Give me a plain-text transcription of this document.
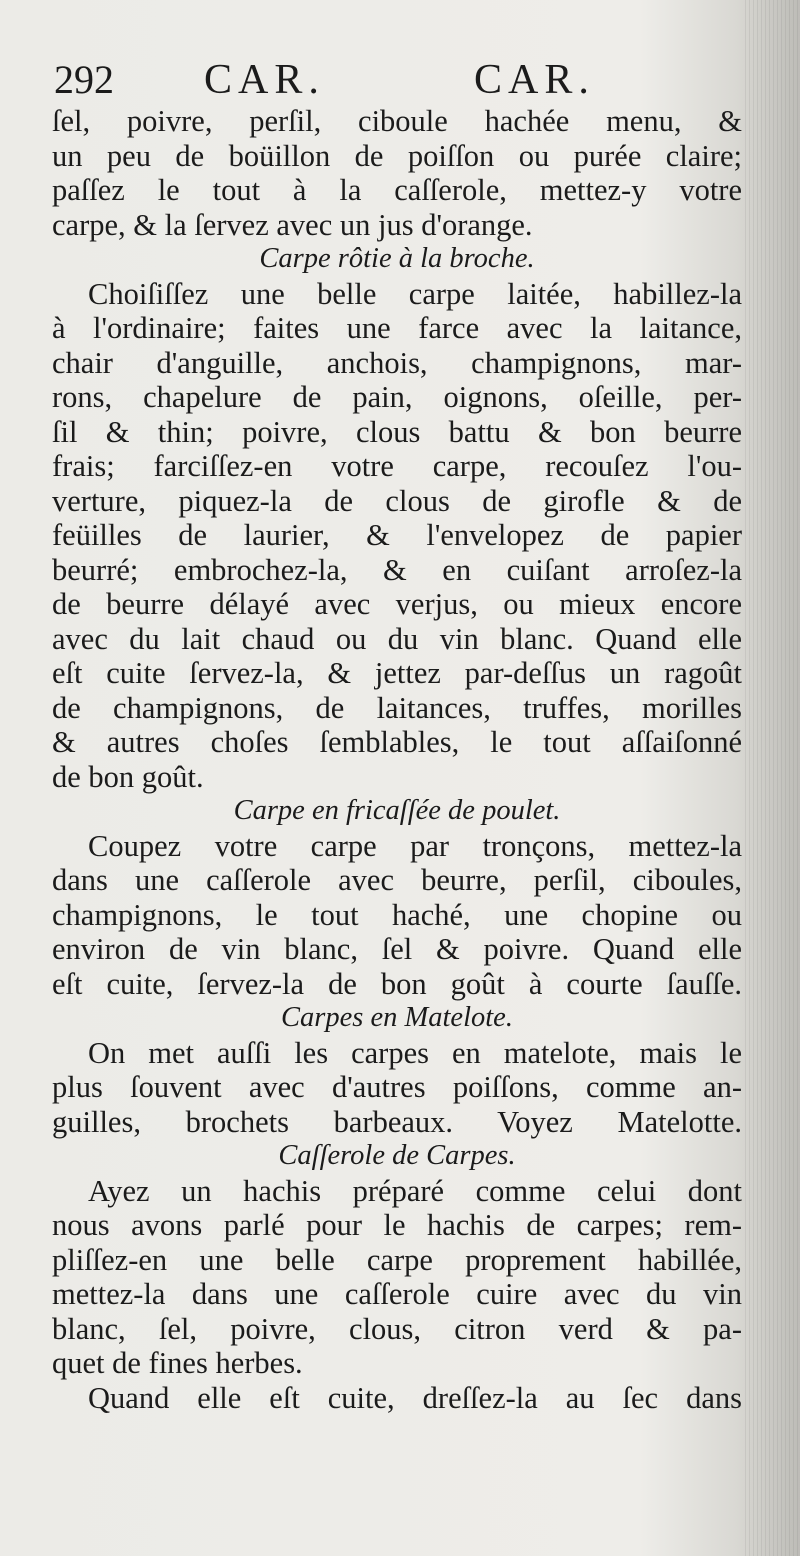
292 CAR.	CAR.
ſel, poivre, perſil, ciboule hachée menu, &
un peu de boüillon de poiſſon ou purée claire;
paſſez le tout à la caſſerole, mettez-y votre
carpe, & la ſervez avec un jus d'orange.
Carpe rôtie à la broche.
Choiſiſſez une belle carpe laitée, habillez-la
à l'ordinaire; faites une farce avec la laitance,
chair d'anguille, anchois, champignons, mar-
rons, chapelure de pain, oignons, oſeille, per-
ſil & thin; poivre, clous battu & bon beurre
frais; farciſſez-en votre carpe, recouſez l'ou-
verture, piquez-la de clous de girofle & de
feüilles de laurier, & l'envelopez de papier
beurré; embrochez-la, & en cuiſant arroſez-la
de beurre délayé avec verjus, ou mieux encore
avec du lait chaud ou du vin blanc. Quand elle
eſt cuite ſervez-la, & jettez par-deſſus un ragoût
de champignons, de laitances, truffes, morilles
& autres choſes ſemblables, le tout aſſaiſonné
de bon goût.
Carpe en fricaſſée de poulet.
Coupez votre carpe par tronçons, mettez-la
dans une caſſerole avec beurre, perſil, ciboules,
champignons, le tout haché, une chopine ou
environ de vin blanc, ſel & poivre. Quand elle
eſt cuite, ſervez-la de bon goût à courte ſauſſe.
Carpes en Matelote.
On met auſſi les carpes en matelote, mais le
plus ſouvent avec d'autres poiſſons, comme an-
guilles, brochets barbeaux. Voyez Matelotte.
Caſſerole de Carpes.
Ayez un hachis préparé comme celui dont
nous avons parlé pour le hachis de carpes; rem-
pliſſez-en une belle carpe proprement habillée,
mettez-la dans une caſſerole cuire avec du vin
blanc, ſel, poivre, clous, citron verd & pa-
quet de fines herbes.
Quand elle eſt cuite, dreſſez-la au ſec dans
